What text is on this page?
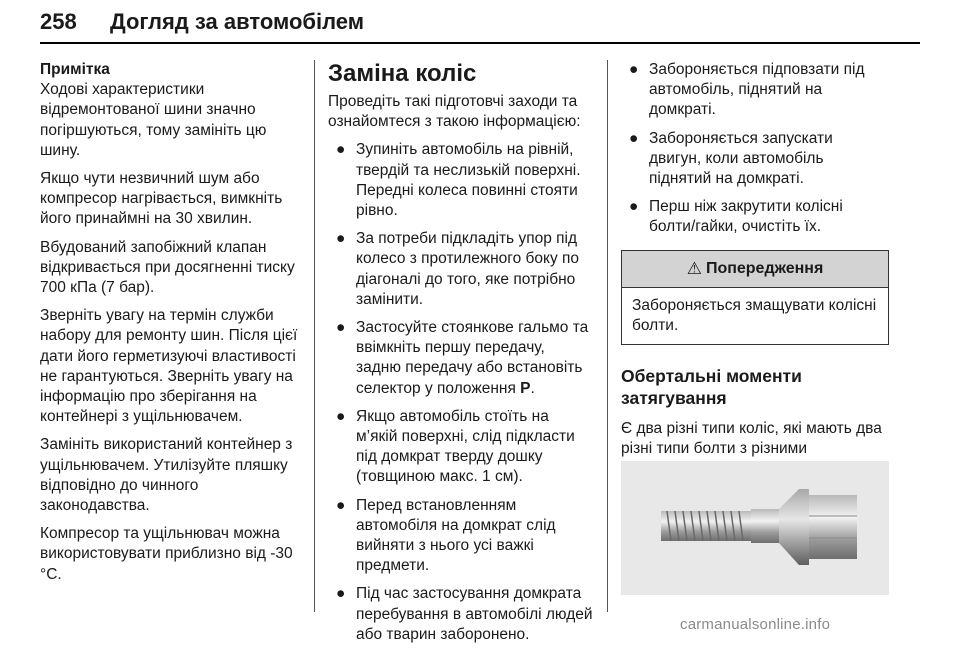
258 Догляд за автомобілем

Примітка

Ходові характеристики відремонтованої шини значно погіршуються, тому замініть цю шину.

Якщо чути незвичний шум або компресор нагрівається, вимкніть його принаймні на 30 хвилин.

Вбудований запобіжний клапан відкривається при досягненні тиску 700 кПа (7 бар).

Зверніть увагу на термін служби набору для ремонту шин. Після цієї дати його герметизуючі властивості не гарантуються. Зверніть увагу на інформацію про зберігання на контейнері з ущільнювачем.

Замініть використаний контейнер з ущільнювачем. Утилізуйте пляшку відповідно до чинного законодавства.

Компресор та ущільнювач можна використовувати приблизно від -30 °C.

Заміна коліс

Проведіть такі підготовчі заходи та ознайомтеся з такою інформацією:

● Зупиніть автомобіль на рівній, твердій та неслизькій поверхні. Передні колеса повинні стояти рівно.
● За потреби підкладіть упор під колесо з протилежного боку по діагоналі до того, яке потрібно замінити.
● Застосуйте стоянкове гальмо та ввімкніть першу передачу, задню передачу або встановіть селектор у положення P.
● Якщо автомобіль стоїть на м’якій поверхні, слід підкласти під домкрат тверду дошку (товщиною макс. 1 см).
● Перед встановленням автомобіля на домкрат слід вийняти з нього усі важкі предмети.
● Під час застосування домкрата перебування в автомобілі людей або тварин заборонено.
● Забороняється підповзати під автомобіль, піднятий на домкраті.
● Забороняється запускати двигун, коли автомобіль піднятий на домкраті.
● Перш ніж закрутити колісні болти/гайки, очистіть їх.
⚠ Попередження
Забороняється змащувати колісні болти.
Обертальні моменти затягування

Є два різні типи коліс, які мають два різні типи болти з різними

carmanualsonline.info
